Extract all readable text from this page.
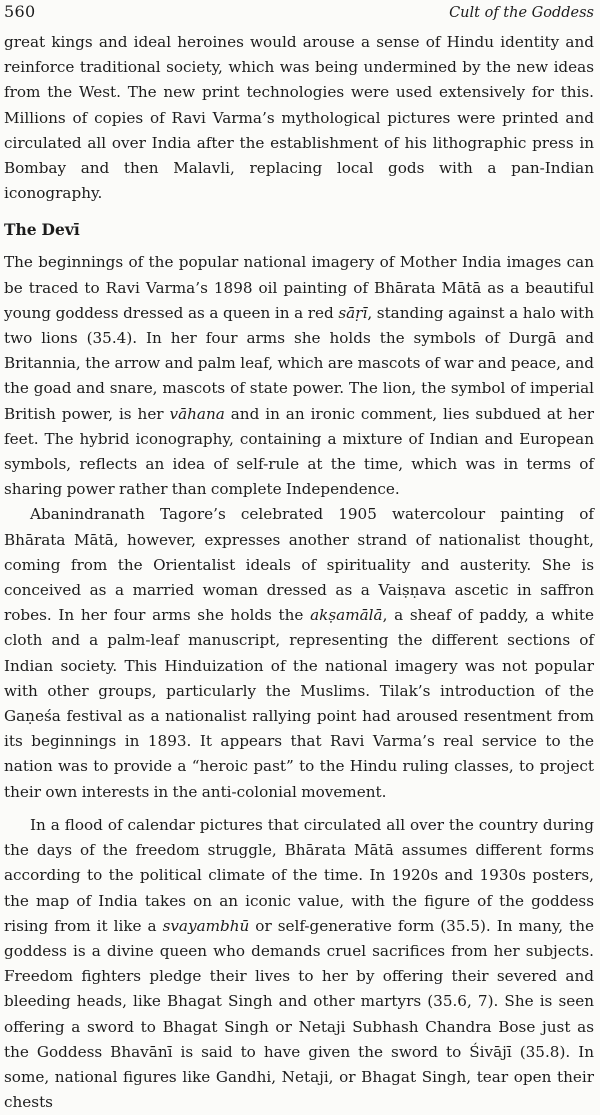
560	Cult of the Goddess

great kings and ideal heroines would arouse a sense of Hindu identity and reinforce traditional society, which was being undermined by the new ideas from the West. The new print technologies were used extensively for this. Millions of copies of Ravi Varma’s mythological pictures were printed and circulated all over India after the establishment of his lithographic press in Bombay and then Malavli, replacing local gods with a pan-Indian iconography.

The Devī

The beginnings of the popular national imagery of Mother India images can be traced to Ravi Varma’s 1898 oil painting of Bhārata Mātā as a beautiful young goddess dressed as a queen in a red sāṛī, standing against a halo with two lions (35.4). In her four arms she holds the symbols of Durgā and Britannia, the arrow and palm leaf, which are mascots of war and peace, and the goad and snare, mascots of state power. The lion, the symbol of imperial British power, is her vāhana and in an ironic comment, lies subdued at her feet. The hybrid iconography, containing a mixture of Indian and European symbols, reflects an idea of self-rule at the time, which was in terms of sharing power rather than complete Independence.

Abanindranath Tagore’s celebrated 1905 watercolour painting of Bhārata Mātā, however, expresses another strand of nationalist thought, coming from the Orientalist ideals of spirituality and austerity. She is conceived as a married woman dressed as a Vaiṣṇava ascetic in saffron robes. In her four arms she holds the akṣamālā, a sheaf of paddy, a white cloth and a palm-leaf manuscript, representing the different sections of Indian society. This Hinduization of the national imagery was not popular with other groups, particularly the Muslims. Tilak’s introduction of the Gaṇeśa festival as a nationalist rallying point had aroused resentment from its beginnings in 1893. It appears that Ravi Varma’s real service to the nation was to provide a “heroic past” to the Hindu ruling classes, to project their own interests in the anti-colonial movement.

In a flood of calendar pictures that circulated all over the country during the days of the freedom struggle, Bhārata Mātā assumes different forms according to the political climate of the time. In 1920s and 1930s posters, the map of India takes on an iconic value, with the figure of the goddess rising from it like a svayambhū or self-generative form (35.5). In many, the goddess is a divine queen who demands cruel sacrifices from her subjects. Freedom fighters pledge their lives to her by offering their severed and bleeding heads, like Bhagat Singh and other martyrs (35.6, 7). She is seen offering a sword to Bhagat Singh or Netaji Subhash Chandra Bose just as the Goddess Bhavānī is said to have given the sword to Śivājī (35.8). In some, national figures like Gandhi, Netaji, or Bhagat Singh, tear open their chests
